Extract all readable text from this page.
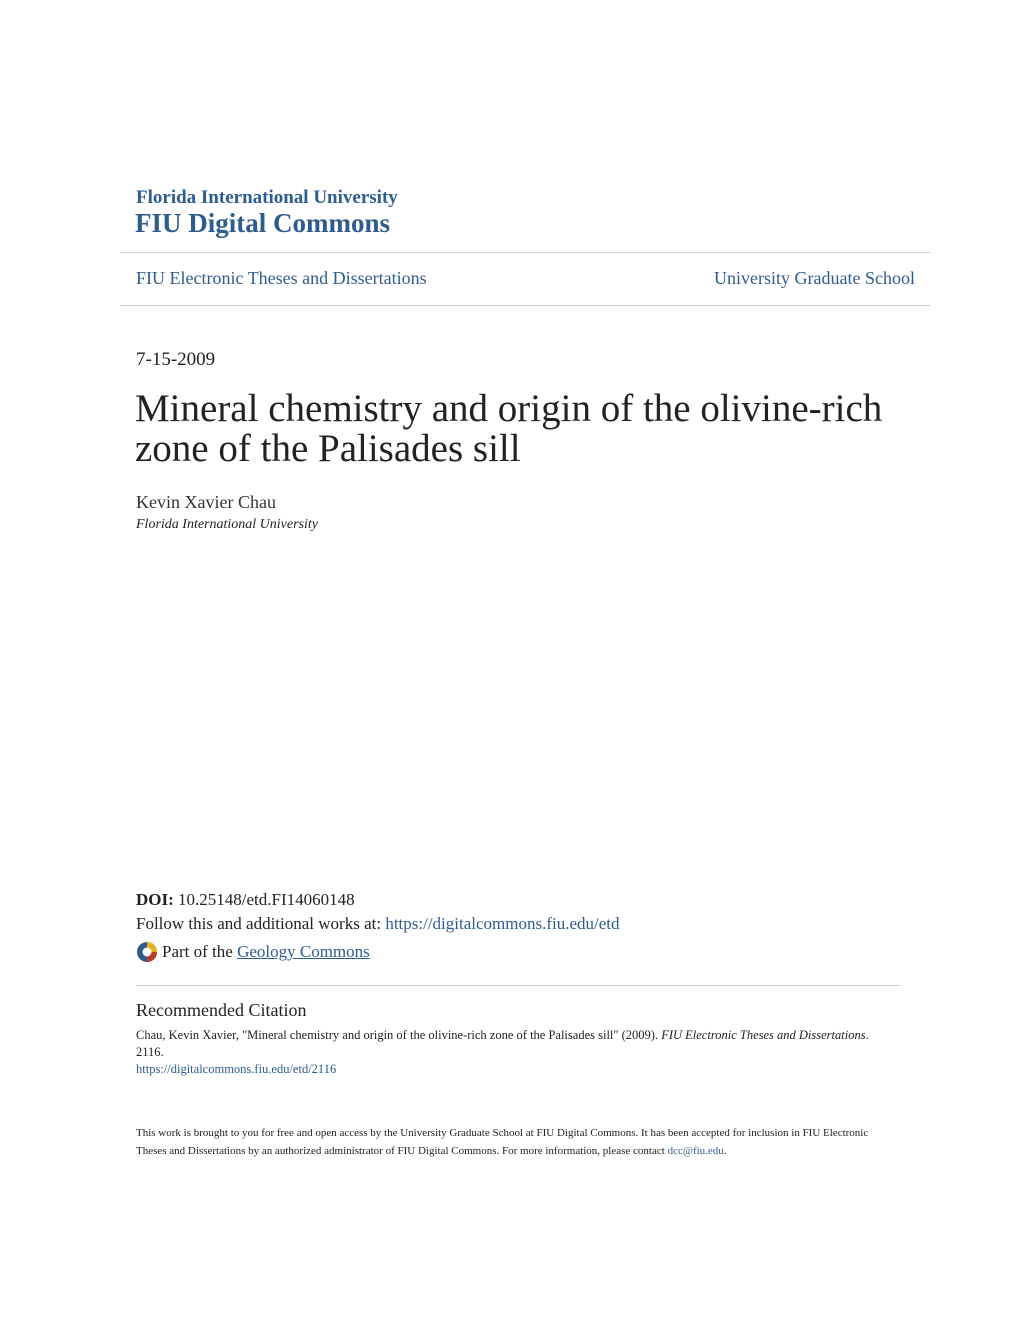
Florida International University
FIU Digital Commons
FIU Electronic Theses and Dissertations	University Graduate School
7-15-2009
Mineral chemistry and origin of the olivine-rich zone of the Palisades sill
Kevin Xavier Chau
Florida International University
DOI: 10.25148/etd.FI14060148
Follow this and additional works at: https://digitalcommons.fiu.edu/etd
Part of the
Geology Commons
Recommended Citation
Chau, Kevin Xavier, "Mineral chemistry and origin of the olivine-rich zone of the Palisades sill" (2009). FIU Electronic Theses and Dissertations. 2116.
https://digitalcommons.fiu.edu/etd/2116
This work is brought to you for free and open access by the University Graduate School at FIU Digital Commons. It has been accepted for inclusion in FIU Electronic Theses and Dissertations by an authorized administrator of FIU Digital Commons. For more information, please contact dcc@fiu.edu.
